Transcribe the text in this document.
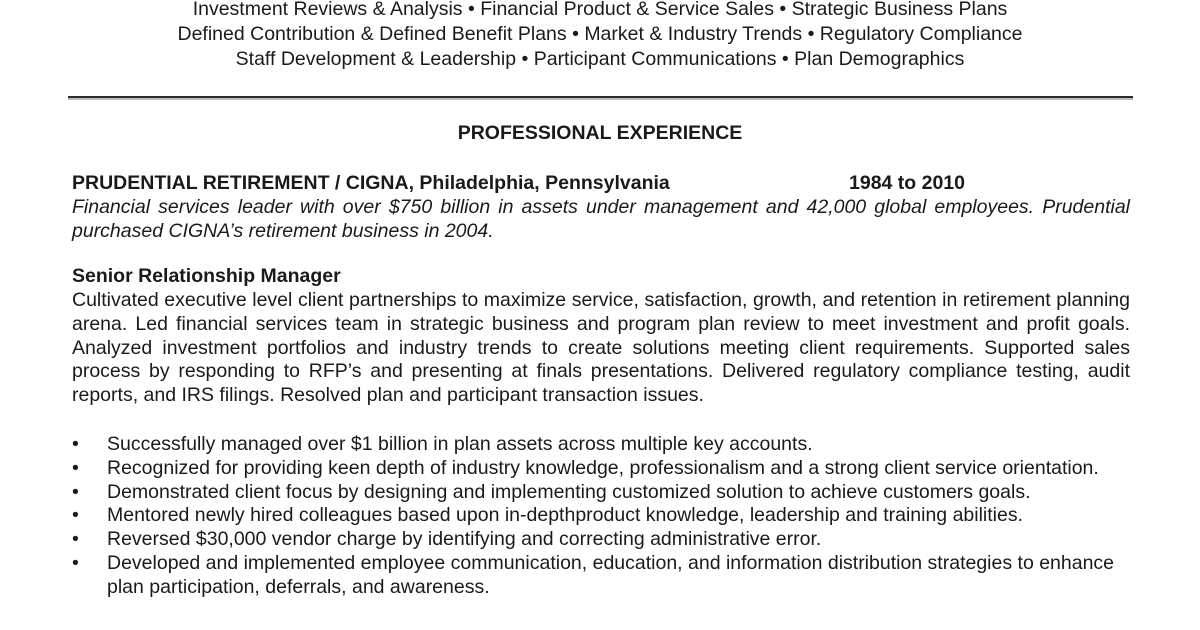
Investment Reviews & Analysis • Financial Product & Service Sales • Strategic Business Plans
Defined Contribution & Defined Benefit Plans • Market & Industry Trends • Regulatory Compliance
Staff Development & Leadership • Participant Communications • Plan Demographics
PROFESSIONAL EXPERIENCE
PRUDENTIAL RETIREMENT / CIGNA, Philadelphia, Pennsylvania	1984 to 2010
Financial services leader with over $750 billion in assets under management and 42,000 global employees. Prudential purchased CIGNA’s retirement business in 2004.
Senior Relationship Manager
Cultivated executive level client partnerships to maximize service, satisfaction, growth, and retention in retirement planning arena. Led financial services team in strategic business and program plan review to meet investment and profit goals. Analyzed investment portfolios and industry trends to create solutions meeting client requirements. Supported sales process by responding to RFP’s and presenting at finals presentations. Delivered regulatory compliance testing, audit reports, and IRS filings. Resolved plan and participant transaction issues.
•	Successfully managed over $1 billion in plan assets across multiple key accounts.
•	Recognized for providing keen depth of industry knowledge, professionalism and a strong client service orientation.
•	Demonstrated client focus by designing and implementing customized solution to achieve customers goals.
•	Mentored newly hired colleagues based upon in-depthproduct knowledge, leadership and training abilities.
•	Reversed $30,000 vendor charge by identifying and correcting administrative error.
•	Developed and implemented employee communication, education, and information distribution strategies to enhance plan participation, deferrals, and awareness.
